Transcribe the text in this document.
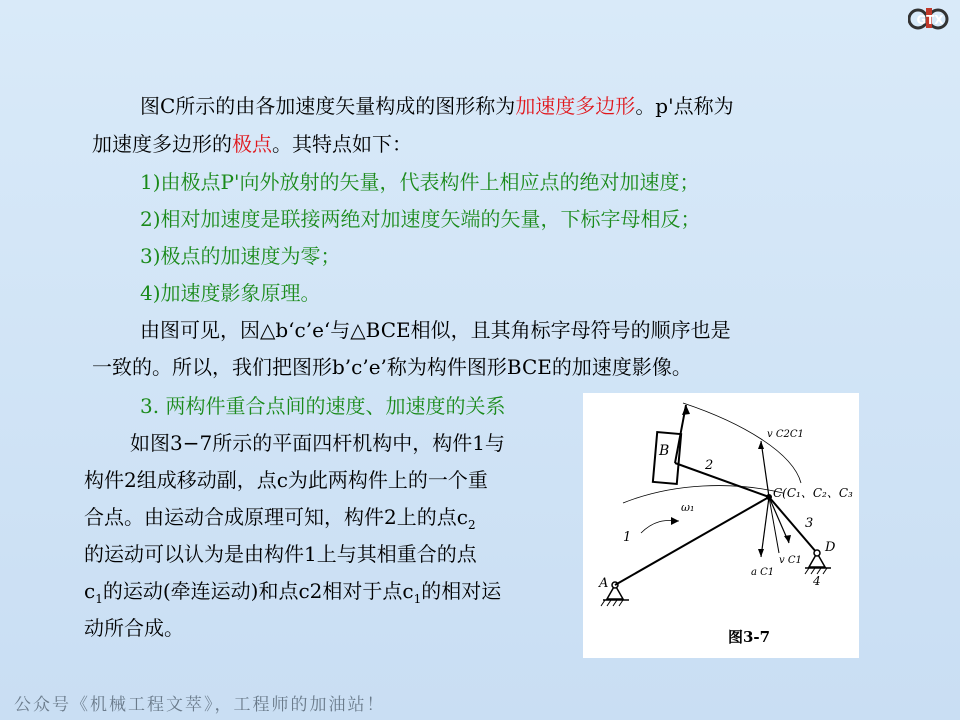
GTX
图C所示的由各加速度矢量构成的图形称为加速度多边形。p'点称为
加速度多边形的极点。其特点如下：
1)由极点P'向外放射的矢量，代表构件上相应点的绝对加速度；
2)相对加速度是联接两绝对加速度矢端的矢量，下标字母相反；
3)极点的加速度为零；
4)加速度影象原理。
由图可见，因△b‘c’e‘与△BCE相似，且其角标字母符号的顺序也是
一致的。所以，我们把图形b’c’e’称为构件图形BCE的加速度影像。
3. 两构件重合点间的速度、加速度的关系
如图3−7所示的平面四杆机构中，构件1与
构件2组成移动副，点c为此两构件上的一个重
合点。由运动合成原理可知，构件2上的点$c_2$
的运动可以认为是由构件1上与其相重合的点
$c_1$的运动(牵连运动)和点c2相对于点$c_1$的相对运
动所合成。
B
2
1
3
4
A
D
C(C₁、C₂、C₃
v C2C1
ω₁
v C1
a C1
图3-7
公众号《机械工程文萃》，工程师的加油站！
